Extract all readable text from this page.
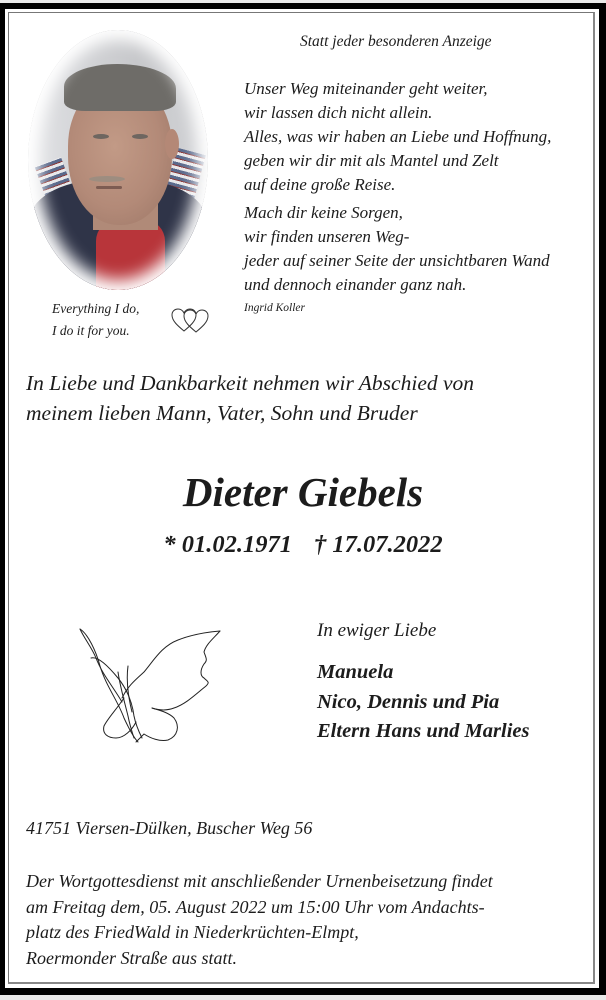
Statt jeder besonderen Anzeige
Unser Weg miteinander geht weiter,
wir lassen dich nicht allein.
Alles, was wir haben an Liebe und Hoffnung,
geben wir dir mit als Mantel und Zelt
auf deine große Reise.
Mach dir keine Sorgen,
wir finden unseren Weg-
jeder auf seiner Seite der unsichtbaren Wand
und dennoch einander ganz nah.
Ingrid Koller
Everything I do,
I do it for you.
In Liebe und Dankbarkeit nehmen wir Abschied von
meinem lieben Mann, Vater, Sohn und Bruder
Dieter Giebels
* 01.02.1971 † 17.07.2022
In ewiger Liebe
Manuela
Nico, Dennis und Pia
Eltern Hans und Marlies
41751 Viersen-Dülken, Buscher Weg 56
Der Wortgottesdienst mit anschließender Urnenbeisetzung findet
am Freitag dem, 05. August 2022 um 15:00 Uhr vom Andachts-
platz des FriedWald in Niederkrüchten-Elmpt,
Roermonder Straße aus statt.
